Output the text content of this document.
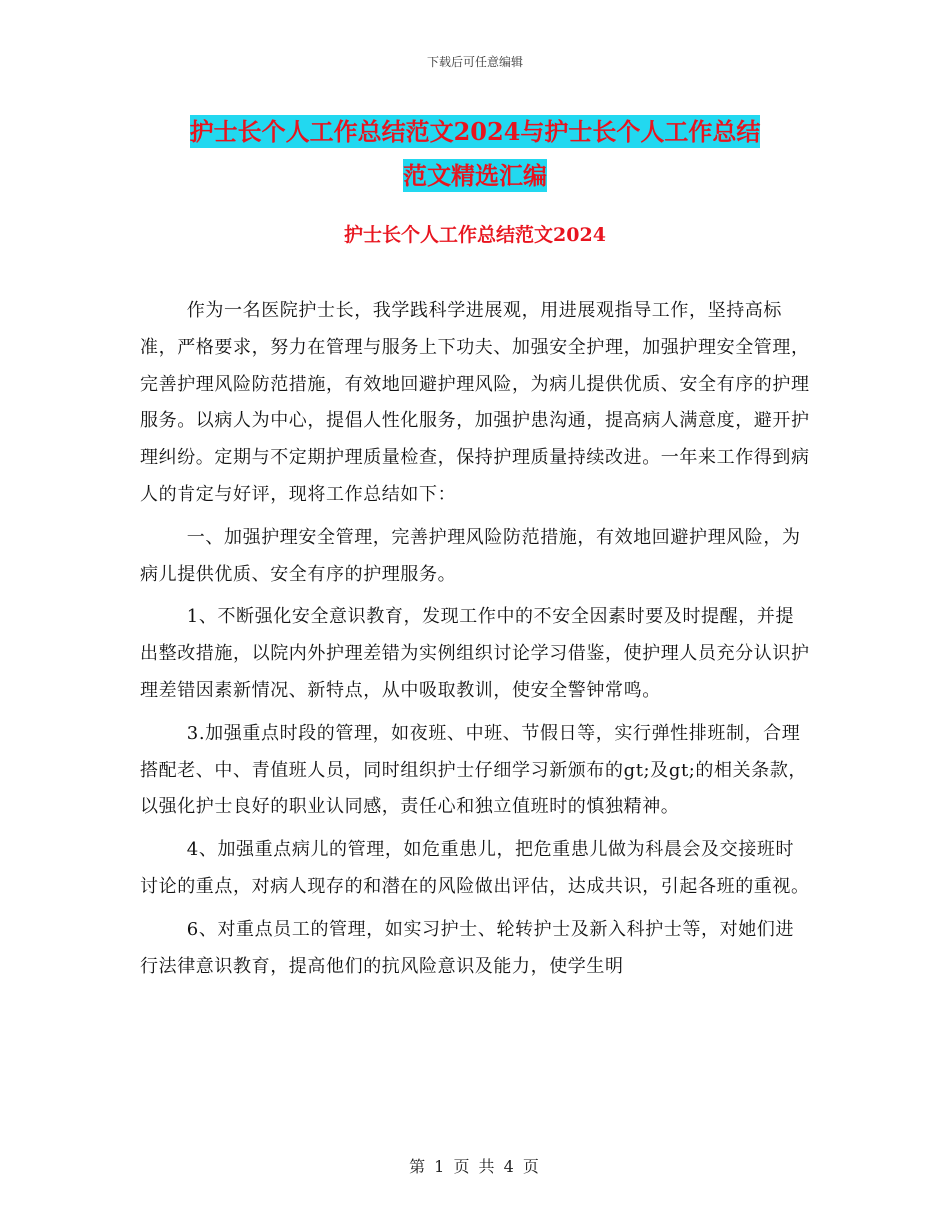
下载后可任意编辑
护士长个人工作总结范文2024与护士长个人工作总结
范文精选汇编
护士长个人工作总结范文2024

作为一名医院护士长，我学践科学进展观，用进展观指导工作，坚持高标准，严格要求，努力在管理与服务上下功夫、加强安全护理，加强护理安全管理，完善护理风险防范措施，有效地回避护理风险，为病儿提供优质、安全有序的护理服务。以病人为中心，提倡人性化服务，加强护患沟通，提高病人满意度，避开护理纠纷。定期与不定期护理质量检查，保持护理质量持续改进。一年来工作得到病人的肯定与好评，现将工作总结如下：

一、加强护理安全管理，完善护理风险防范措施，有效地回避护理风险，为病儿提供优质、安全有序的护理服务。

1、不断强化安全意识教育，发现工作中的不安全因素时要及时提醒，并提出整改措施，以院内外护理差错为实例组织讨论学习借鉴，使护理人员充分认识护理差错因素新情况、新特点，从中吸取教训，使安全警钟常鸣。

3.加强重点时段的管理，如夜班、中班、节假日等，实行弹性排班制，合理搭配老、中、青值班人员，同时组织护士仔细学习新颁布的gt;及gt;的相关条款，以强化护士良好的职业认同感，责任心和独立值班时的慎独精神。

4、加强重点病儿的管理，如危重患儿，把危重患儿做为科晨会及交接班时讨论的重点，对病人现存的和潜在的风险做出评估，达成共识，引起各班的重视。

6、对重点员工的管理，如实习护士、轮转护士及新入科护士等，对她们进行法律意识教育，提高他们的抗风险意识及能力，使学生明

第 1 页 共 4 页
